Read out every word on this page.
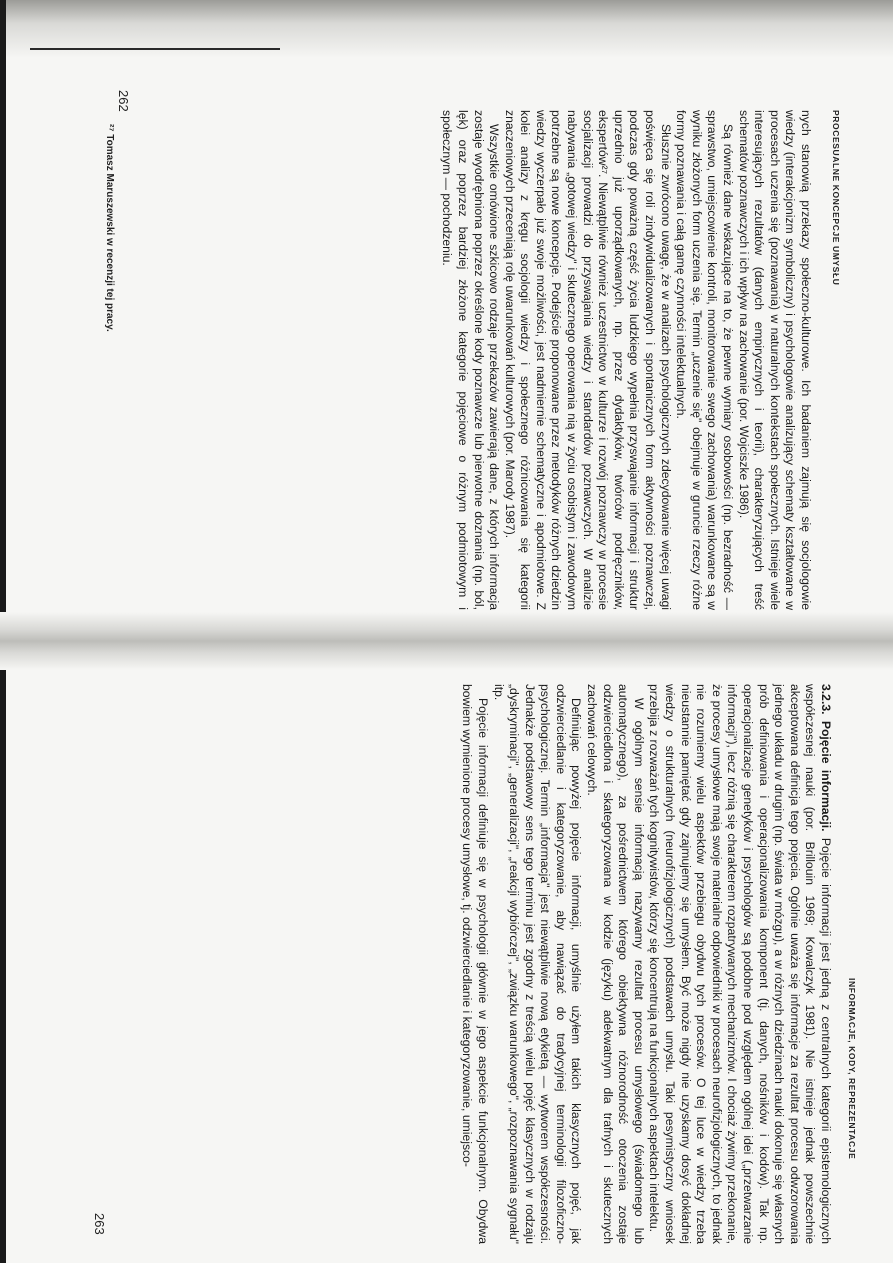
PROCESUALNE KONCEPCJE UMYSŁU

nych stanowią przekazy społeczno-kulturowe. Ich badaniem zajmują się socjologowie wiedzy (interakcjonizm symboliczny) i psychologowie analizujący schematy kształtowane w procesach uczenia się (poznawania) w naturalnych kontekstach społecznych. Istnieje wiele interesujących rezultatów (danych empirycznych i teorii), charakteryzujących treść schematów poznawczych i ich wpływ na zachowanie (por. Wojciszke 1986).

Są również dane wskazujące na to, że pewne wymiary osobowości (np. bezradność — sprawstwo, umiejscowienie kontroli, monitorowanie swego zachowania) warunkowane są w wyniku złożonych form uczenia się. Termin „uczenie się" obejmuje w gruncie rzeczy różne formy poznawania i całą gamę czynności intelektualnych.

Słusznie zwrócono uwagę, że w analizach psychologicznych zdecydowanie więcej uwagi poświęca się roli zindywidualizowanych i spontanicznych form aktywności poznawczej, podczas gdy poważną część życia ludzkiego wypełnia przyswajanie informacji i struktur uprzednio już uporządkowanych, np. przez dydaktyków, twórców podręczników, ekspertów²⁷. Niewątpliwie również uczestnictwo w kulturze i rozwój poznawczy w procesie socjalizacji prowadzi do przyswajania wiedzy i standardów poznawczych. W analizie nabywania „gotowej wiedzy" i skutecznego operowania nią w życiu osobistym i zawodowym potrzebne są nowe koncepcje. Podejście proponowane przez metodyków różnych dziedzin wiedzy wyczerpało już swoje możliwości, jest nadmiernie schematyczne i apodmiotowe. Z kolei analizy z kręgu socjologii wiedzy i społecznego różnicowania się kategorii znaczeniowych przeceniają rolę uwarunkowań kulturowych (por. Marody 1987).

Wszystkie omówione szkicowo rodzaje przekazów zawierają dane, z których informacja zostaje wyodrębniona poprzez określone kody poznawcze lub pierwotne doznania (np. ból, lęk) oraz poprzez bardziej złożone kategorie pojęciowe o różnym podmiotowym i społecznym — pochodzeniu.

²⁷ Tomasz Maruszewski w recenzji tej pracy.
262
INFORMACJE, KODY, REPREZENTACJE

3.2.3. Pojęcie informacji. Pojęcie informacji jest jedną z centralnych kategorii epistemologicznych współczesnej nauki (por. Brillouin 1969; Kowalczyk 1981). Nie istnieje jednak powszechnie akceptowana definicja tego pojęcia. Ogólnie uważa się informacje za rezultat procesu odwzorowania jednego układu w drugim (np. świata w mózgu), a w różnych dziedzinach nauki dokonuje się własnych prób definiowania i operacjonalizowania komponent (tj. danych, nośników i kodów). Tak np. operacjonalizacje genetyków i psychologów są podobne pod względem ogólnej idei („przetwarzanie informacji"), lecz różnią się charakterem rozpatrywanych mechanizmów. I chociaż żywimy przekonanie, że procesy umysłowe mają swoje materialne odpowiedniki w procesach neurofizjologicznych, to jednak nie rozumiemy wielu aspektów przebiegu obydwu tych procesów. O tej luce w wiedzy trzeba nieustannie pamiętać gdy zajmujemy się umysłem. Być może nigdy nie uzyskamy dosyć dokładnej wiedzy o strukturalnych (neurofizjologicznych) podstawach umysłu. Taki pesymistyczny wniosek przebija z rozważań tych kognitywistów, którzy się koncentrują na funkcjonalnych aspektach intelektu.

W ogólnym sensie informacją nazywamy rezultat procesu umysłowego (świadomego lub automatycznego), za pośrednictwem którego obiektywna różnorodność otoczenia zostaje odzwierciedlona i skategoryzowana w kodzie (języku) adekwatnym dla trafnych i skutecznych zachowań celowych.

Definiując powyżej pojęcie informacji, umyślnie użyłem takich klasycznych pojęć, jak odzwierciedlanie i kategoryzowanie, aby nawiązać do tradycyjnej terminologii filozoficzno-psychologicznej. Termin „informacja" jest niewątpliwie nową etykietą — wytworem współczesności. Jednakże podstawowy sens tego terminu jest zgodny z treścią wielu pojęć klasycznych w rodzaju „dyskryminacji", „generalizacji", „reakcji wybiórczej", „związku warunkowego", „rozpoznawania sygnału" itp.

Pojęcie informacji definiuje się w psychologii głównie w jego aspekcie funkcjonalnym. Obydwa bowiem wymienione procesy umysłowe, tj. odzwierciedlanie i kategoryzowanie, umiejsco-

263
